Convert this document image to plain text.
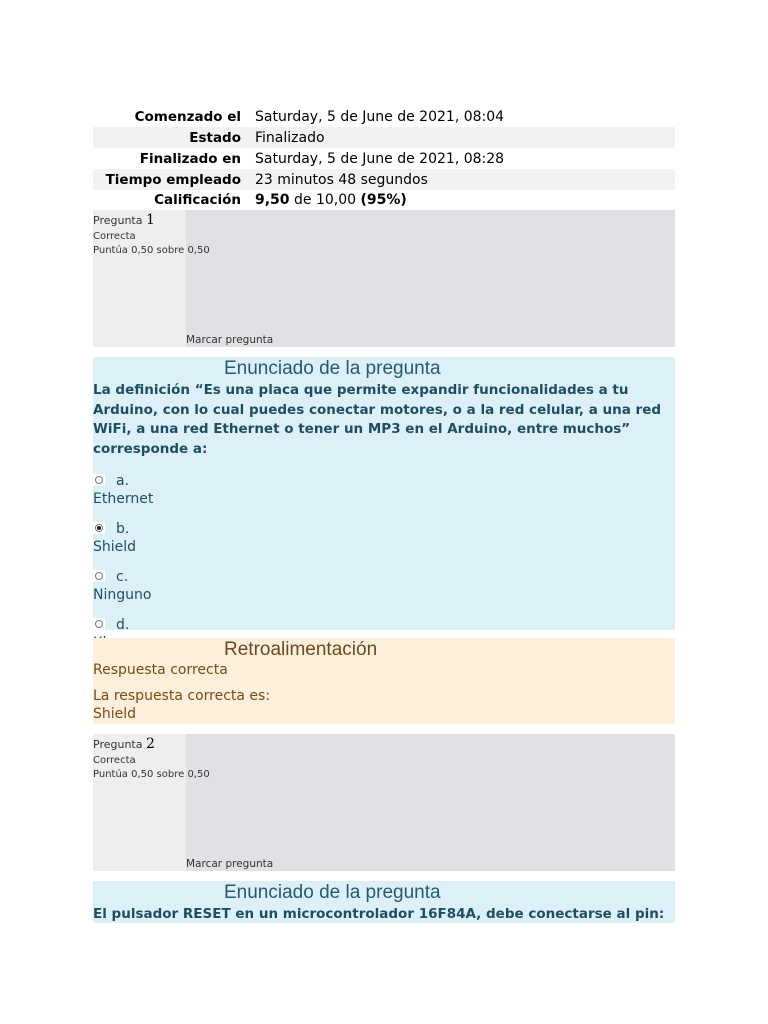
Comenzado el	Saturday, 5 de June de 2021, 08:04
Estado	Finalizado
Finalizado en	Saturday, 5 de June de 2021, 08:28
Tiempo empleado	23 minutos 48 segundos
Calificación	9,50 de 10,00 (95%)
Pregunta 1
Correcta
Puntúa 0,50 sobre 0,50
Marcar pregunta
Enunciado de la pregunta

La definición “Es una placa que permite expandir funcionalidades a tu Arduino, con lo cual puedes conectar motores, o a la red celular, a una red WiFi, a una red Ethernet o tener un MP3 en el Arduino, entre muchos” corresponde a:

a.
Ethernet
b.
Shield
c.
Ninguno
d.
Retroalimentación
Respuesta correcta
La respuesta correcta es:
Shield
Pregunta 2
Correcta
Puntúa 0,50 sobre 0,50
Marcar pregunta
Enunciado de la pregunta

El pulsador RESET en un microcontrolador 16F84A, debe conectarse al pin:
